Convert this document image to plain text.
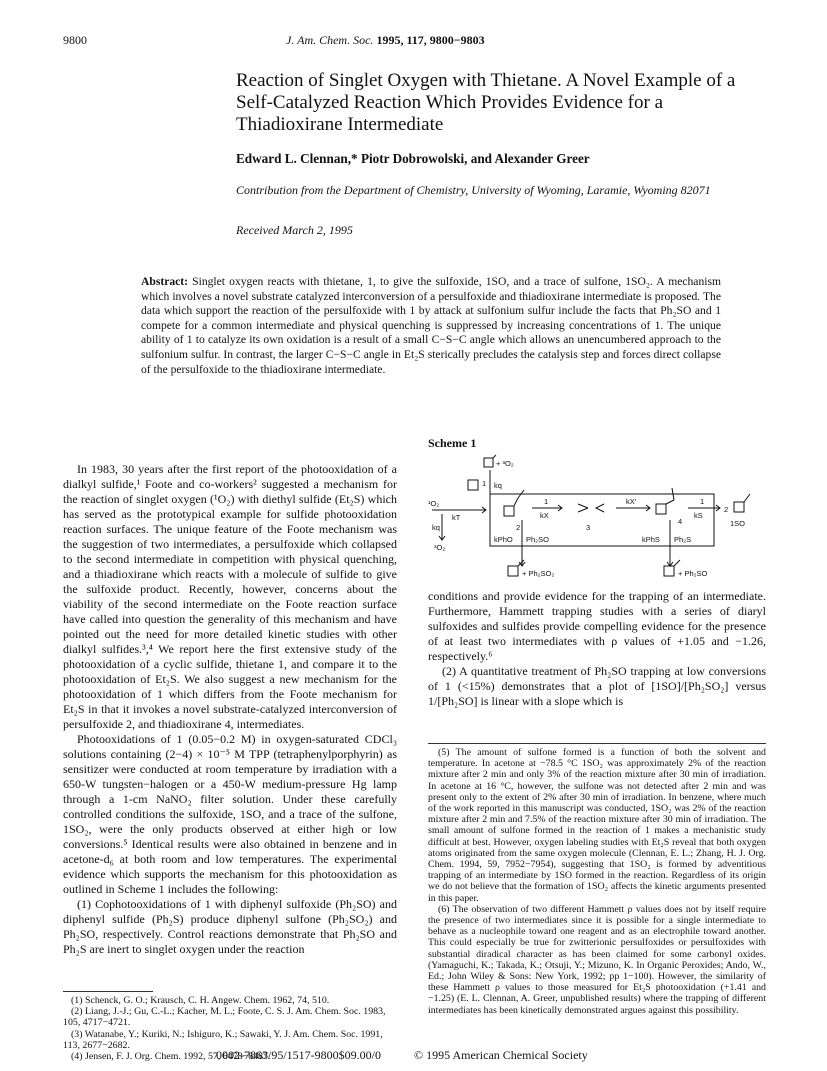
9800	J. Am. Chem. Soc. 1995, 117, 9800−9803
Reaction of Singlet Oxygen with Thietane. A Novel Example of a Self-Catalyzed Reaction Which Provides Evidence for a Thiadioxirane Intermediate
Edward L. Clennan,* Piotr Dobrowolski, and Alexander Greer
Contribution from the Department of Chemistry, University of Wyoming, Laramie, Wyoming 82071
Received March 2, 1995
Abstract: Singlet oxygen reacts with thietane, 1, to give the sulfoxide, 1SO, and a trace of sulfone, 1SO₂. A mechanism which involves a novel substrate catalyzed interconversion of a persulfoxide and thiadioxirane intermediate is proposed. The data which support the reaction of the persulfoxide with 1 by attack at sulfonium sulfur include the facts that Ph₂SO and 1 compete for a common intermediate and physical quenching is suppressed by increasing concentrations of 1. The unique ability of 1 to catalyze its own oxidation is a result of a small C−S−C angle which allows an unencumbered approach to the sulfonium sulfur. In contrast, the larger C−S−C angle in Et₂S sterically precludes the catalysis step and forces direct collapse of the persulfoxide to the thiadioxirane intermediate.

In 1983, 30 years after the first report of the photooxidation of a dialkyl sulfide,¹ Foote and co-workers² suggested a mechanism for the reaction of singlet oxygen (¹O₂) with diethyl sulfide (Et₂S) which has served as the prototypical example for sulfide photooxidation reaction surfaces. The unique feature of the Foote mechanism was the suggestion of two intermediates, a persulfoxide which collapsed to the second intermediate in competition with physical quenching, and a thiadioxirane which reacts with a molecule of sulfide to give the sulfoxide product. Recently, however, concerns about the viability of the second intermediate on the Foote reaction surface have called into question the generality of this mechanism and have pointed out the need for more detailed kinetic studies with other dialkyl sulfides.³,⁴ We report here the first extensive study of the photooxidation of a cyclic sulfide, thietane 1, and compare it to the photooxidation of Et₂S. We also suggest a new mechanism for the photooxidation of 1 which differs from the Foote mechanism for Et₂S in that it invokes a novel substrate-catalyzed interconversion of persulfoxide 2, and thiadioxirane 4, intermediates.

Photooxidations of 1 (0.05−0.2 M) in oxygen-saturated CDCl₃ solutions containing (2−4) × 10⁻⁵ M TPP (tetraphenylporphyrin) as sensitizer were conducted at room temperature by irradiation with a 650-W tungsten−halogen or a 450-W medium-pressure Hg lamp through a 1-cm NaNO₂ filter solution. Under these carefully controlled conditions the sulfoxide, 1SO, and a trace of the sulfone, 1SO₂, were the only products observed at either high or low conversions.⁵ Identical results were also obtained in benzene and in acetone-d₆ at both room and low temperatures. The experimental evidence which supports the mechanism for this photooxidation as outlined in Scheme 1 includes the following:

(1) Cophotooxidations of 1 with diphenyl sulfoxide (Ph₂SO) and diphenyl sulfide (Ph₂S) produce diphenyl sulfone (Ph₂SO₂) and Ph₂SO, respectively. Control reactions demonstrate that Ph₂SO and Ph₂S are inert to singlet oxygen under the reaction

(1) Schenck, G. O.; Krausch, C. H. Angew. Chem. 1962, 74, 510.

(2) Liang, J.-J.; Gu, C.-L.; Kacher, M. L.; Foote, C. S. J. Am. Chem. Soc. 1983, 105, 4717−4721.

(3) Watanabe, Y.; Kuriki, N.; Ishiguro, K.; Sawaki, Y. J. Am. Chem. Soc. 1991, 113, 2677−2682.

(4) Jensen, F. J. Org. Chem. 1992, 57, 6478−6487.

Scheme 1
+ ³O₂
kq
¹O₂
1
kT
1
kX
2	3
kX'
4
1
kS
2
1SO
kq
³O₂
kPhO Ph₂SO	kPhS Ph₂S
+ Ph₂SO₂	+ Ph₂SO

conditions and provide evidence for the trapping of an intermediate. Furthermore, Hammett trapping studies with a series of diaryl sulfoxides and sulfides provide compelling evidence for the presence of at least two intermediates with ρ values of +1.05 and −1.26, respectively.⁶

(2) A quantitative treatment of Ph₂SO trapping at low conversions of 1 (<15%) demonstrates that a plot of [1SO]/[Ph₂SO₂] versus 1/[Ph₂SO] is linear with a slope which is

(5) The amount of sulfone formed is a function of both the solvent and temperature. In acetone at −78.5 °C 1SO₂ was approximately 2% of the reaction mixture after 2 min and only 3% of the reaction mixture after 30 min of irradiation. In acetone at 16 °C, however, the sulfone was not detected after 2 min and was present only to the extent of 2% after 30 min of irradiation. In benzene, where much of the work reported in this manuscript was conducted, 1SO₂ was 2% of the reaction mixture after 2 min and 7.5% of the reaction mixture after 30 min of irradiation. The small amount of sulfone formed in the reaction of 1 makes a mechanistic study difficult at best. However, oxygen labeling studies with Et₂S reveal that both oxygen atoms originated from the same oxygen molecule (Clennan, E. L.; Zhang, H. J. Org. Chem. 1994, 59, 7952−7954), suggesting that 1SO₂ is formed by adventitious trapping of an intermediate by 1SO formed in the reaction. Regardless of its origin we do not believe that the formation of 1SO₂ affects the kinetic arguments presented in this paper.

(6) The observation of two different Hammett ρ values does not by itself require the presence of two intermediates since it is possible for a single intermediate to behave as a nucleophile toward one reagent and as an electrophile toward another. This could especially be true for zwitterionic persulfoxides or persulfoxides with substantial diradical character as has been claimed for some carbonyl oxides. (Yamaguchi, K.; Takada, K.; Otsuji, Y.; Mizuno, K. In Organic Peroxides; Ando, W., Ed.; John Wiley & Sons: New York, 1992; pp 1−100). However, the similarity of these Hammett ρ values to those measured for Et₂S photooxidation (+1.41 and −1.25) (E. L. Clennan, A. Greer, unpublished results) where the trapping of different intermediates has been kinetically demonstrated argues against this possibility.

0002-7863/95/1517-9800$09.00/0	© 1995 American Chemical Society
